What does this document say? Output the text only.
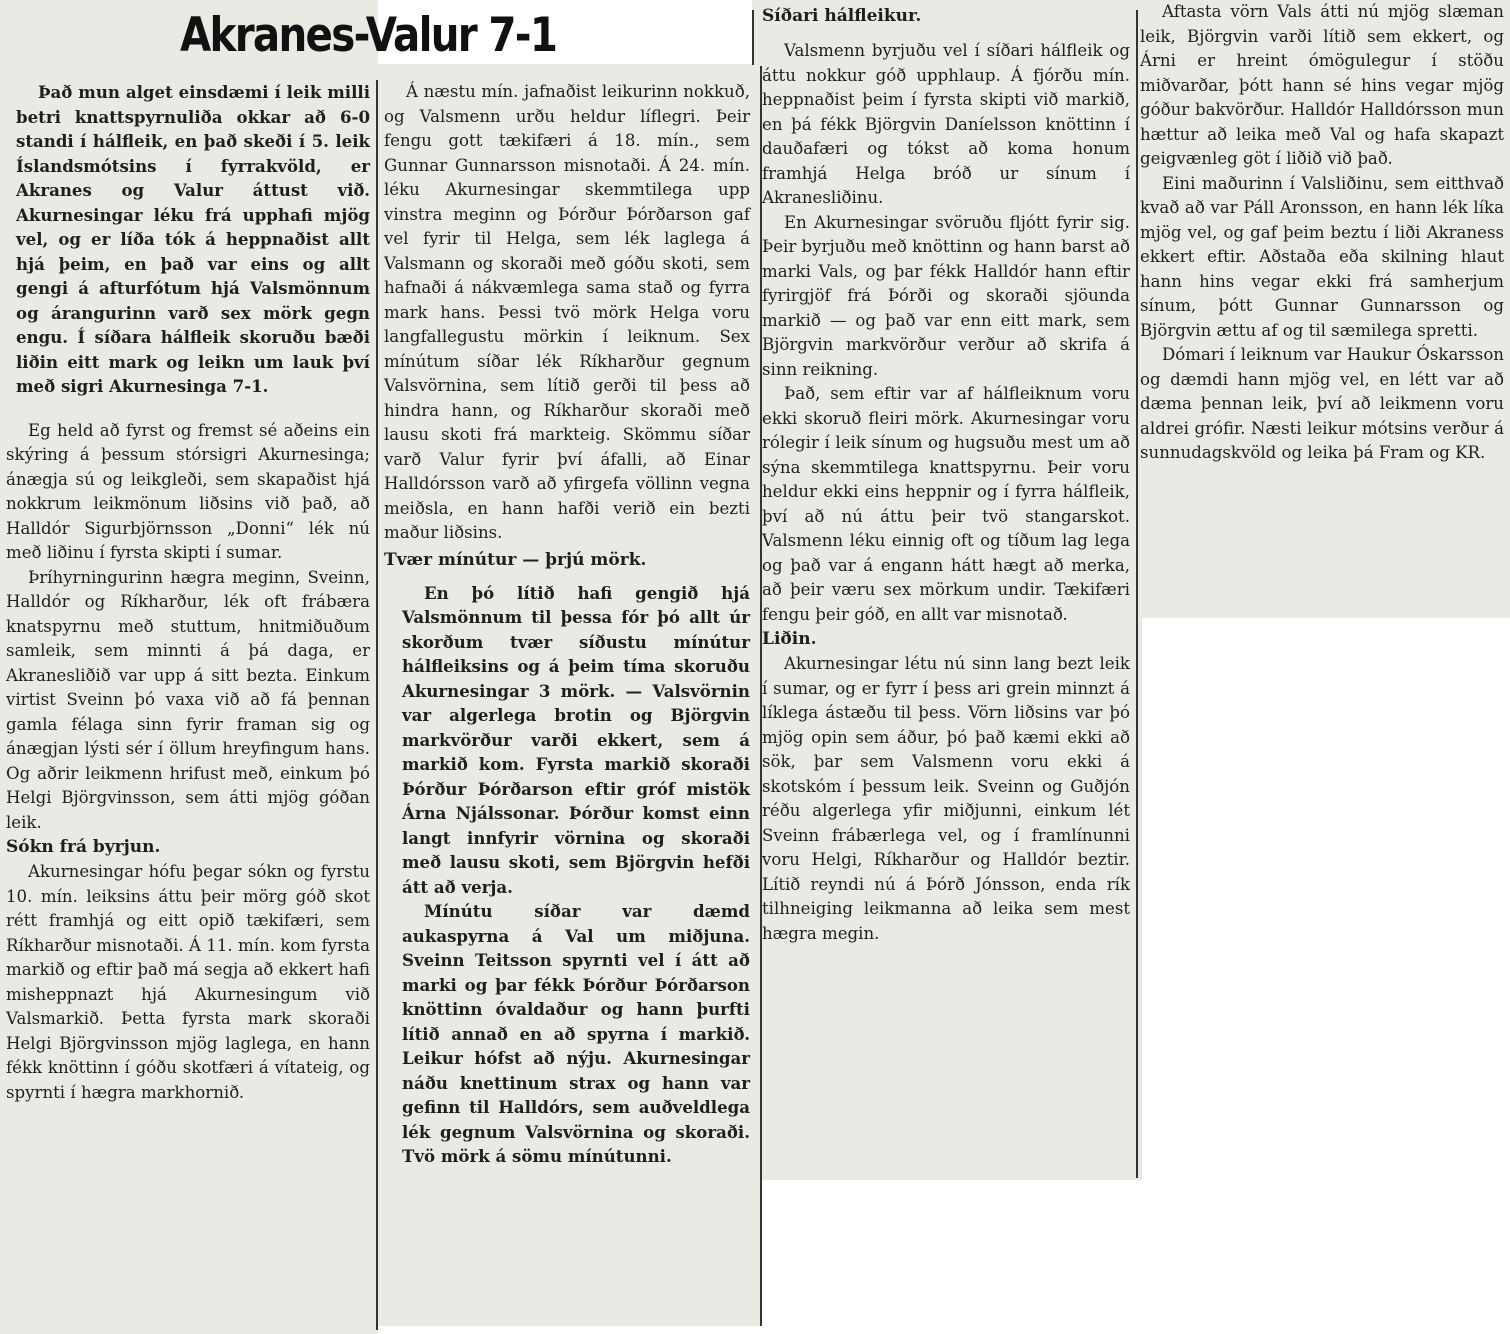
Akranes-Valur 7-1

Það mun alget einsdæmi í leik milli betri knattspyrnuliða okkar að 6-0 standi í hálfleik, en það skeði í 5. leik Íslandsmótsins í fyrrakvöld, er Akranes og Valur áttust við. Akurnesingar léku frá upphafi mjög vel, og er líða tók á heppnaðist allt hjá þeim, en það var eins og allt gengi á afturfótum hjá Valsmönnum og árangurinn varð sex mörk gegn engu. Í síðara hálfleik skoruðu bæði liðin eitt mark og leikn um lauk því með sigri Akurnesinga 7-1.

Eg held að fyrst og fremst sé aðeins ein skýring á þessum stórsigri Akurnesinga; ánægja sú og leikgleði, sem skapaðist hjá nokkrum leikmönum liðsins við það, að Halldór Sigurbjörnsson „Donni“ lék nú með liðinu í fyrsta skipti í sumar.

Þríhyrningurinn hægra meginn, Sveinn, Halldór og Ríkharður, lék oft frábæra knatspyrnu með stuttum, hnitmiðuðum samleik, sem minnti á þá daga, er Akranesliðið var upp á sitt bezta. Einkum virtist Sveinn þó vaxa við að fá þennan gamla félaga sinn fyrir framan sig og ánægjan lýsti sér í öllum hreyfingum hans. Og aðrir leikmenn hrifust með, einkum þó Helgi Björgvinsson, sem átti mjög góðan leik.

Sókn frá byrjun.

Akurnesingar hófu þegar sókn og fyrstu 10. mín. leiksins áttu þeir mörg góð skot rétt framhjá og eitt opið tækifæri, sem Ríkharður misnotaði. Á 11. mín. kom fyrsta markið og eftir það má segja að ekkert hafi misheppnazt hjá Akurnesingum við Valsmarkið. Þetta fyrsta mark skoraði Helgi Björgvinsson mjög laglega, en hann fékk knöttinn í góðu skotfæri á vítateig, og spyrnti í hægra markhornið.

Á næstu mín. jafnaðist leikurinn nokkuð, og Valsmenn urðu heldur líflegri. Þeir fengu gott tækifæri á 18. mín., sem Gunnar Gunnarsson misnotaði. Á 24. mín. léku Akurnesingar skemmtilega upp vinstra meginn og Þórður Þórðarson gaf vel fyrir til Helga, sem lék laglega á Valsmann og skoraði með góðu skoti, sem hafnaði á nákvæmlega sama stað og fyrra mark hans. Þessi tvö mörk Helga voru langfallegustu mörkin í leiknum. Sex mínútum síðar lék Ríkharður gegnum Valsvörnina, sem lítið gerði til þess að hindra hann, og Ríkharður skoraði með lausu skoti frá markteig. Skömmu síðar varð Valur fyrir því áfalli, að Einar Halldórsson varð að yfirgefa völlinn vegna meiðsla, en hann hafði verið ein bezti maður liðsins.

Tvær mínútur — þrjú mörk.

En þó lítið hafi gengið hjá Valsmönnum til þessa fór þó allt úr skorðum tvær síðustu mínútur hálfleiksins og á þeim tíma skoruðu Akurnesingar 3 mörk. — Valsvörnin var algerlega brotin og Björgvin markvörður varði ekkert, sem á markið kom. Fyrsta markið skoraði Þórður Þórðarson eftir gróf mistök Árna Njálssonar. Þórður komst einn langt innfyrir vörnina og skoraði með lausu skoti, sem Björgvin hefði átt að verja.

Mínútu síðar var dæmd aukaspyrna á Val um miðjuna. Sveinn Teitsson spyrnti vel í átt að marki og þar fékk Þórður Þórðarson knöttinn óvaldaður og hann þurfti lítið annað en að spyrna í markið. Leikur hófst að nýju. Akurnesingar náðu knettinum strax og hann var gefinn til Halldórs, sem auðveldlega lék gegnum Valsvörnina og skoraði. Tvö mörk á sömu mínútunni.

Síðari hálfleikur.

Valsmenn byrjuðu vel í síðari hálfleik og áttu nokkur góð upphlaup. Á fjórðu mín. heppnaðist þeim í fyrsta skipti við markið, en þá fékk Björgvin Daníelsson knöttinn í dauðafæri og tókst að koma honum framhjá Helga bróð ur sínum í Akranesliðinu.

En Akurnesingar svöruðu fljótt fyrir sig. Þeir byrjuðu með knöttinn og hann barst að marki Vals, og þar fékk Halldór hann eftir fyrirgjöf frá Þórði og skoraði sjöunda markið — og það var enn eitt mark, sem Björgvin markvörður verður að skrifa á sinn reikning.

Það, sem eftir var af hálfleiknum voru ekki skoruð fleiri mörk. Akurnesingar voru rólegir í leik sínum og hugsuðu mest um að sýna skemmtilega knattspyrnu. Þeir voru heldur ekki eins heppnir og í fyrra hálfleik, því að nú áttu þeir tvö stangarskot. Valsmenn léku einnig oft og tíðum lag lega og það var á engann hátt hægt að merka, að þeir væru sex mörkum undir. Tækifæri fengu þeir góð, en allt var misnotað.

Liðin.

Akurnesingar létu nú sinn lang bezt leik í sumar, og er fyrr í þess ari grein minnzt á líklega ástæðu til þess. Vörn liðsins var þó mjög opin sem áður, þó það kæmi ekki að sök, þar sem Valsmenn voru ekki á skotskóm í þessum leik. Sveinn og Guðjón réðu algerlega yfir miðjunni, einkum lét Sveinn frábærlega vel, og í framlínunni voru Helgi, Ríkharður og Halldór beztir. Lítið reyndi nú á Þórð Jónsson, enda rík tilhneiging leikmanna að leika sem mest hægra megin.

Aftasta vörn Vals átti nú mjög slæman leik, Björgvin varði lítið sem ekkert, og Árni er hreint ómögulegur í stöðu miðvarðar, þótt hann sé hins vegar mjög góður bakvörður. Halldór Halldórsson mun hættur að leika með Val og hafa skapazt geigvænleg göt í liðið við það.

Eini maðurinn í Valsliðinu, sem eitthvað kvað að var Páll Aronsson, en hann lék líka mjög vel, og gaf þeim beztu í liði Akraness ekkert eftir. Aðstaða eða skilning hlaut hann hins vegar ekki frá samherjum sínum, þótt Gunnar Gunnarsson og Björgvin ættu af og til sæmilega spretti.

Dómari í leiknum var Haukur Óskarsson og dæmdi hann mjög vel, en létt var að dæma þennan leik, því að leikmenn voru aldrei grófir. Næsti leikur mótsins verður á sunnudagskvöld og leika þá Fram og KR.
